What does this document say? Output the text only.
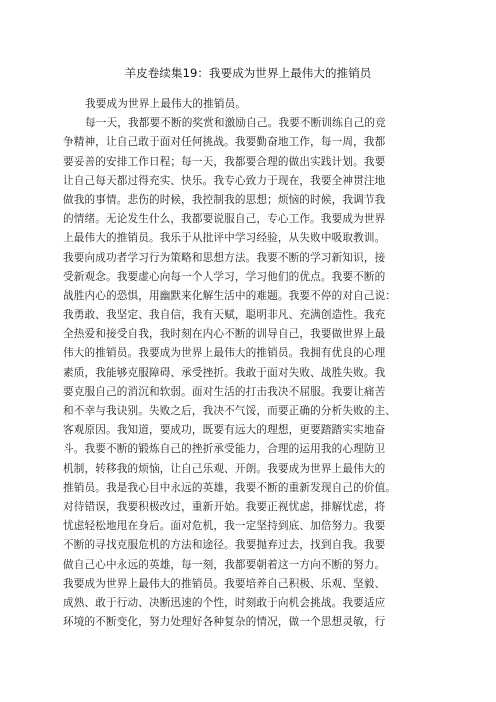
羊皮卷续集19：我要成为世界上最伟大的推销员
我要成为世界上最伟大的推销员。
每一天，我都要不断的奖赏和激励自己。我要不断训练自己的竞
争精神，让自己敢于面对任何挑战。我要勤奋地工作，每一周，我都
要妥善的安排工作日程；每一天，我都要合理的做出实践计划。我要
让自己每天都过得充实、快乐。我专心致力于现在，我要全神贯注地
做我的事情。悲伤的时候，我控制我的思想；烦恼的时候，我调节我
的情绪。无论发生什么，我都要说服自己，专心工作。我要成为世界
上最伟大的推销员。我乐于从批评中学习经验，从失败中吸取教训。
我要向成功者学习行为策略和思想方法。我要不断的学习新知识，接
受新观念。我要虚心向每一个人学习，学习他们的优点。我要不断的
战胜内心的恐惧，用幽默来化解生活中的难题。我要不停的对自己说：
我勇敢、我坚定、我自信，我有天赋，聪明非凡、充满创造性。我充
全热爱和接受自我，我时刻在内心不断的训导自己，我要做世界上最
伟大的推销员。我要成为世界上最伟大的推销员。我拥有优良的心理
素质，我能够克服障碍、承受挫折。我敢于面对失败、战胜失败。我
要克服自己的消沉和软弱。面对生活的打击我决不屈服。我要让痛苦
和不幸与我诀别。失败之后，我决不气馁，而要正确的分析失败的主、
客观原因。我知道，要成功，既要有远大的理想，更要踏踏实实地奋
斗。我要不断的锻炼自己的挫折承受能力，合理的运用我的心理防卫
机制，转移我的烦恼，让自己乐观、开朗。我要成为世界上最伟大的
推销员。我是我心目中永远的英雄，我要不断的重新发现自己的价值。
对待错误，我要积极改过，重新开始。我要正视忧虑，排解忧虑，将
忧虑轻松地甩在身后。面对危机，我一定坚持到底、加倍努力。我要
不断的寻找克服危机的方法和途径。我要抛弃过去，找到自我。我要
做自己心中永远的英雄，每一刻，我都要朝着这一方向不断的努力。
我要成为世界上最伟大的推销员。我要培养自己积极、乐观、坚毅、
成熟、敢于行动、决断迅速的个性，时刻敢于向机会挑战。我要适应
环境的不断变化，努力处理好各种复杂的情况，做一个思想灵敏，行
